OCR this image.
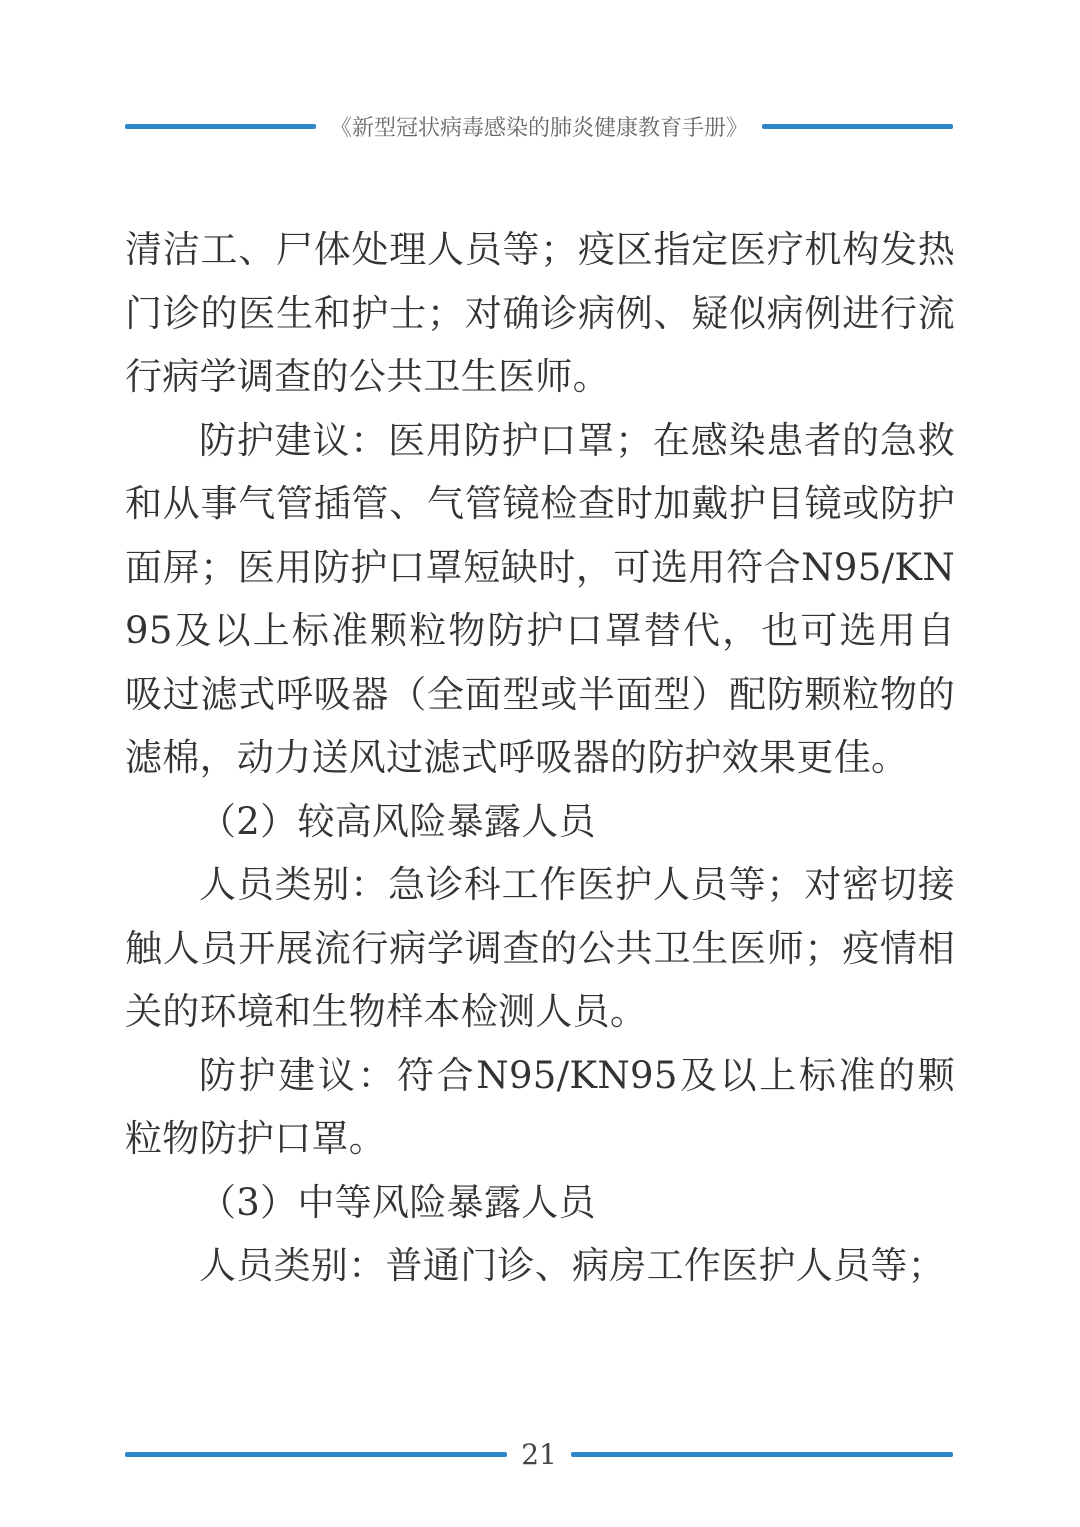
《新型冠状病毒感染的肺炎健康教育手册》

清洁工、尸体处理人员等；疫区指定医疗机构发热门诊的医生和护士；对确诊病例、疑似病例进行流行病学调查的公共卫生医师。

防护建议：医用防护口罩；在感染患者的急救和从事气管插管、气管镜检查时加戴护目镜或防护面屏；医用防护口罩短缺时，可选用符合N95/KN95及以上标准颗粒物防护口罩替代，也可选用自吸过滤式呼吸器（全面型或半面型）配防颗粒物的滤棉，动力送风过滤式呼吸器的防护效果更佳。

（2）较高风险暴露人员

人员类别：急诊科工作医护人员等；对密切接触人员开展流行病学调查的公共卫生医师；疫情相关的环境和生物样本检测人员。

防护建议：符合N95/KN95及以上标准的颗粒物防护口罩。

（3）中等风险暴露人员

人员类别：普通门诊、病房工作医护人员等；

21
